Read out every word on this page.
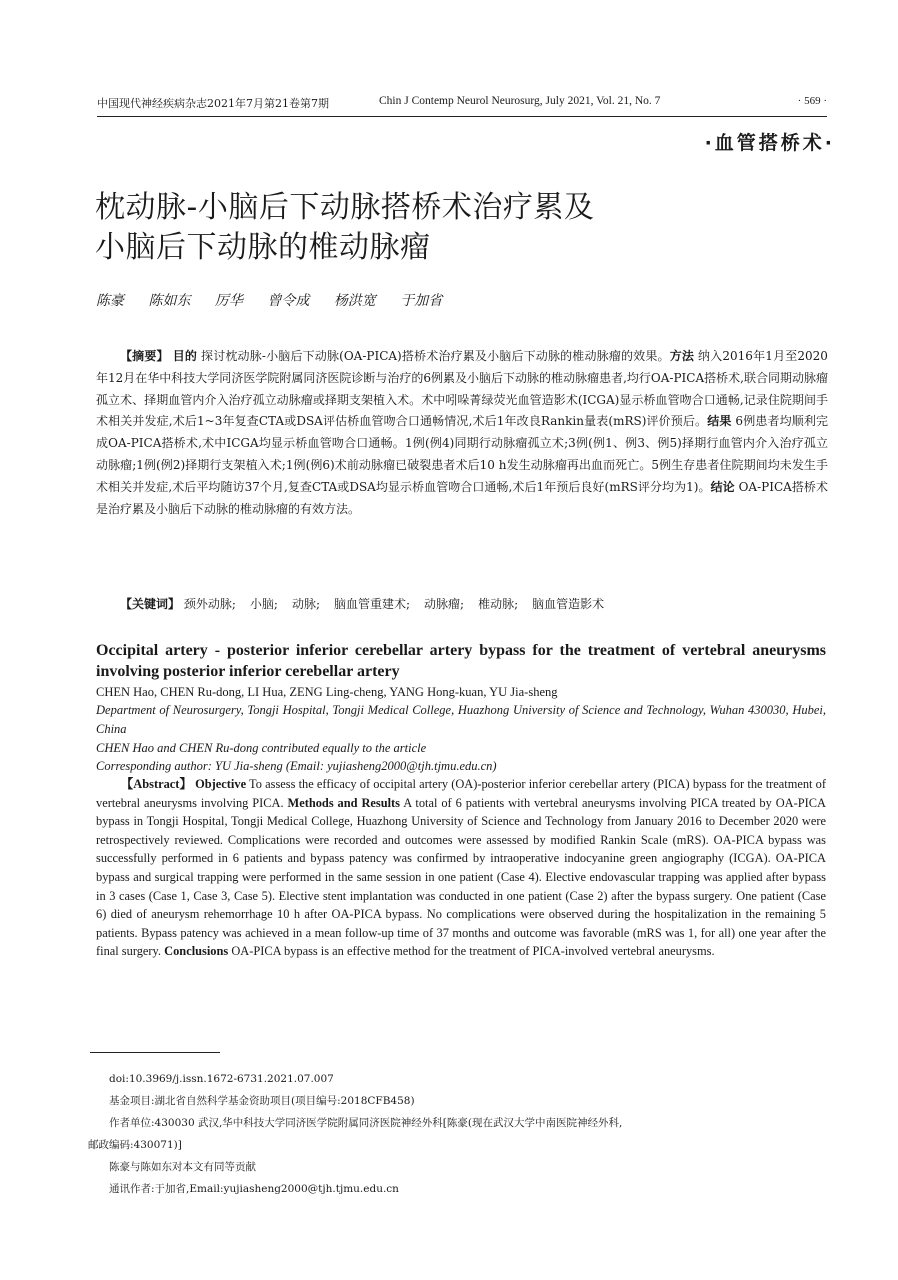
中国现代神经疾病杂志2021年7月第21卷第7期	Chin J Contemp Neurol Neurosurg, July 2021, Vol. 21, No. 7	· 569 ·
·血管搭桥术·
枕动脉-小脑后下动脉搭桥术治疗累及
小脑后下动脉的椎动脉瘤
陈豪 陈如东 厉华 曾令成 杨洪宽 于加省
【摘要】 目的 探讨枕动脉-小脑后下动脉(OA-PICA)搭桥术治疗累及小脑后下动脉的椎动脉瘤的效果。方法 纳入2016年1月至2020年12月在华中科技大学同济医学院附属同济医院诊断与治疗的6例累及小脑后下动脉的椎动脉瘤患者,均行OA-PICA搭桥术,联合同期动脉瘤孤立术、择期血管内介入治疗孤立动脉瘤或择期支架植入术。术中吲哚菁绿荧光血管造影术(ICGA)显示桥血管吻合口通畅,记录住院期间手术相关并发症,术后1~3年复查CTA或DSA评估桥血管吻合口通畅情况,术后1年改良Rankin量表(mRS)评价预后。结果 6例患者均顺利完成OA-PICA搭桥术,术中ICGA均显示桥血管吻合口通畅。1例(例4)同期行动脉瘤孤立术;3例(例1、例3、例5)择期行血管内介入治疗孤立动脉瘤;1例(例2)择期行支架植入术;1例(例6)术前动脉瘤已破裂患者术后10 h发生动脉瘤再出血而死亡。5例生存患者住院期间均未发生手术相关并发症,术后平均随访37个月,复查CTA或DSA均显示桥血管吻合口通畅,术后1年预后良好(mRS评分均为1)。结论 OA-PICA搭桥术是治疗累及小脑后下动脉的椎动脉瘤的有效方法。
【关键词】 颈外动脉; 小脑; 动脉; 脑血管重建术; 动脉瘤; 椎动脉; 脑血管造影术
Occipital artery - posterior inferior cerebellar artery bypass for the treatment of vertebral aneurysms involving posterior inferior cerebellar artery
CHEN Hao, CHEN Ru-dong, LI Hua, ZENG Ling-cheng, YANG Hong-kuan, YU Jia-sheng
Department of Neurosurgery, Tongji Hospital, Tongji Medical College, Huazhong University of Science and Technology, Wuhan 430030, Hubei, China
CHEN Hao and CHEN Ru-dong contributed equally to the article
Corresponding author: YU Jia-sheng (Email: yujiasheng2000@tjh.tjmu.edu.cn)
【Abstract】 Objective To assess the efficacy of occipital artery (OA)-posterior inferior cerebellar artery (PICA) bypass for the treatment of vertebral aneurysms involving PICA. Methods and Results A total of 6 patients with vertebral aneurysms involving PICA treated by OA-PICA bypass in Tongji Hospital, Tongji Medical College, Huazhong University of Science and Technology from January 2016 to December 2020 were retrospectively reviewed. Complications were recorded and outcomes were assessed by modified Rankin Scale (mRS). OA-PICA bypass was successfully performed in 6 patients and bypass patency was confirmed by intraoperative indocyanine green angiography (ICGA). OA-PICA bypass and surgical trapping were performed in the same session in one patient (Case 4). Elective endovascular trapping was applied after bypass in 3 cases (Case 1, Case 3, Case 5). Elective stent implantation was conducted in one patient (Case 2) after the bypass surgery. One patient (Case 6) died of aneurysm rehemorrhage 10 h after OA-PICA bypass. No complications were observed during the hospitalization in the remaining 5 patients. Bypass patency was achieved in a mean follow-up time of 37 months and outcome was favorable (mRS was 1, for all) one year after the final surgery. Conclusions OA-PICA bypass is an effective method for the treatment of PICA-involved vertebral aneurysms.
doi:10.3969/j.issn.1672-6731.2021.07.007
基金项目:湖北省自然科学基金资助项目(项目编号:2018CFB458)
作者单位:430030 武汉,华中科技大学同济医学院附属同济医院神经外科[陈豪(现在武汉大学中南医院神经外科,
邮政编码:430071)]
陈豪与陈如东对本文有同等贡献
通讯作者:于加省,Email:yujiasheng2000@tjh.tjmu.edu.cn
